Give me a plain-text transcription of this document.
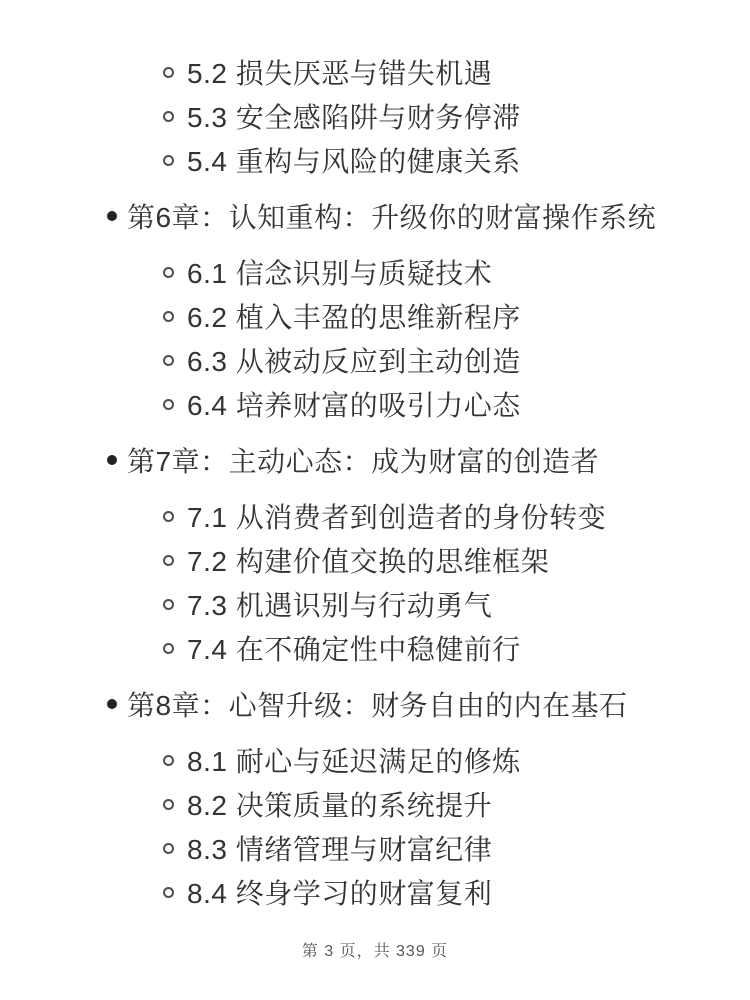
5.2 损失厌恶与错失机遇
5.3 安全感陷阱与财务停滞
5.4 重构与风险的健康关系
第6章：认知重构：升级你的财富操作系统
6.1 信念识别与质疑技术
6.2 植入丰盈的思维新程序
6.3 从被动反应到主动创造
6.4 培养财富的吸引力心态
第7章：主动心态：成为财富的创造者
7.1 从消费者到创造者的身份转变
7.2 构建价值交换的思维框架
7.3 机遇识别与行动勇气
7.4 在不确定性中稳健前行
第8章：心智升级：财务自由的内在基石
8.1 耐心与延迟满足的修炼
8.2 决策质量的系统提升
8.3 情绪管理与财富纪律
8.4 终身学习的财富复利
第 3 页，共 339 页
